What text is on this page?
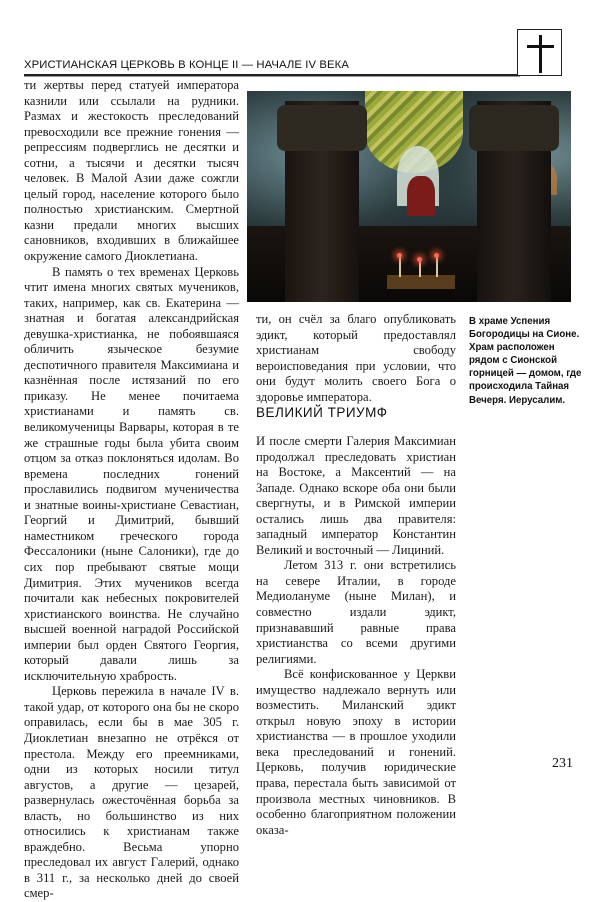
ХРИСТИАНСКАЯ ЦЕРКОВЬ В КОНЦЕ II — НАЧАЛЕ IV ВЕКА

ти жертвы перед статуей императора казнили или ссылали на рудники. Размах и жестокость преследований превосходили все прежние гонения — репрессиям подверглись не десятки и сотни, а тысячи и десятки тысяч человек. В Малой Азии даже сожгли целый город, население которого было полностью христианским. Смертной казни предали многих высших сановников, входивших в ближайшее окружение самого Диоклетиана.

В память о тех временах Церковь чтит имена многих святых мучеников, таких, например, как св. Екатерина — знатная и богатая александрийская девушка-христианка, не побоявшаяся обличить языческое безумие деспотичного правителя Максимиана и казнённая после истязаний по его приказу. Не менее почитаема христианами и память св. великомученицы Варвары, которая в те же страшные годы была убита своим отцом за отказ поклоняться идолам. Во времена последних гонений прославились подвигом мученичества и знатные воины-христиане Севастиан, Георгий и Димитрий, бывший наместником греческого города Фессалоники (ныне Салоники), где до сих пор пребывают святые мощи Димитрия. Этих мучеников всегда почитали как небесных покровителей христианского воинства. Не случайно высшей военной наградой Российской империи был орден Святого Георгия, который давали лишь за исключительную храбрость.

Церковь пережила в начале IV в. такой удар, от которого она бы не скоро оправилась, если бы в мае 305 г. Диоклетиан внезапно не отрёкся от престола. Между его преемниками, одни из которых носили титул августов, а другие — цезарей, развернулась ожесточённая борьба за власть, но большинство из них относились к христианам также враждебно. Весьма упорно преследовал их август Галерий, однако в 311 г., за несколько дней до своей смер-

В храме Успения Богородицы на Сионе. Храм расположен рядом с Сионской горницей — домом, где происходила Тайная Вечеря. Иерусалим.

ти, он счёл за благо опубликовать эдикт, который предоставлял христианам свободу вероисповедания при условии, что они будут молить своего Бога о здоровье императора.

ВЕЛИКИЙ ТРИУМФ

И после смерти Галерия Максимиан продолжал преследовать христиан на Востоке, а Максентий — на Западе. Однако вскоре оба они были свергнуты, и в Римской империи остались лишь два правителя: западный император Константин Великий и восточный — Лициний.

Летом 313 г. они встретились на севере Италии, в городе Медиолануме (ныне Милан), и совместно издали эдикт, признававший равные права христианства со всеми другими религиями.

Всё конфискованное у Церкви имущество надлежало вернуть или возместить. Миланский эдикт открыл новую эпоху в истории христианства — в прошлое уходили века преследований и гонений. Церковь, получив юридические права, перестала быть зависимой от произвола местных чиновников. В особенно благоприятном положении оказа-

231
